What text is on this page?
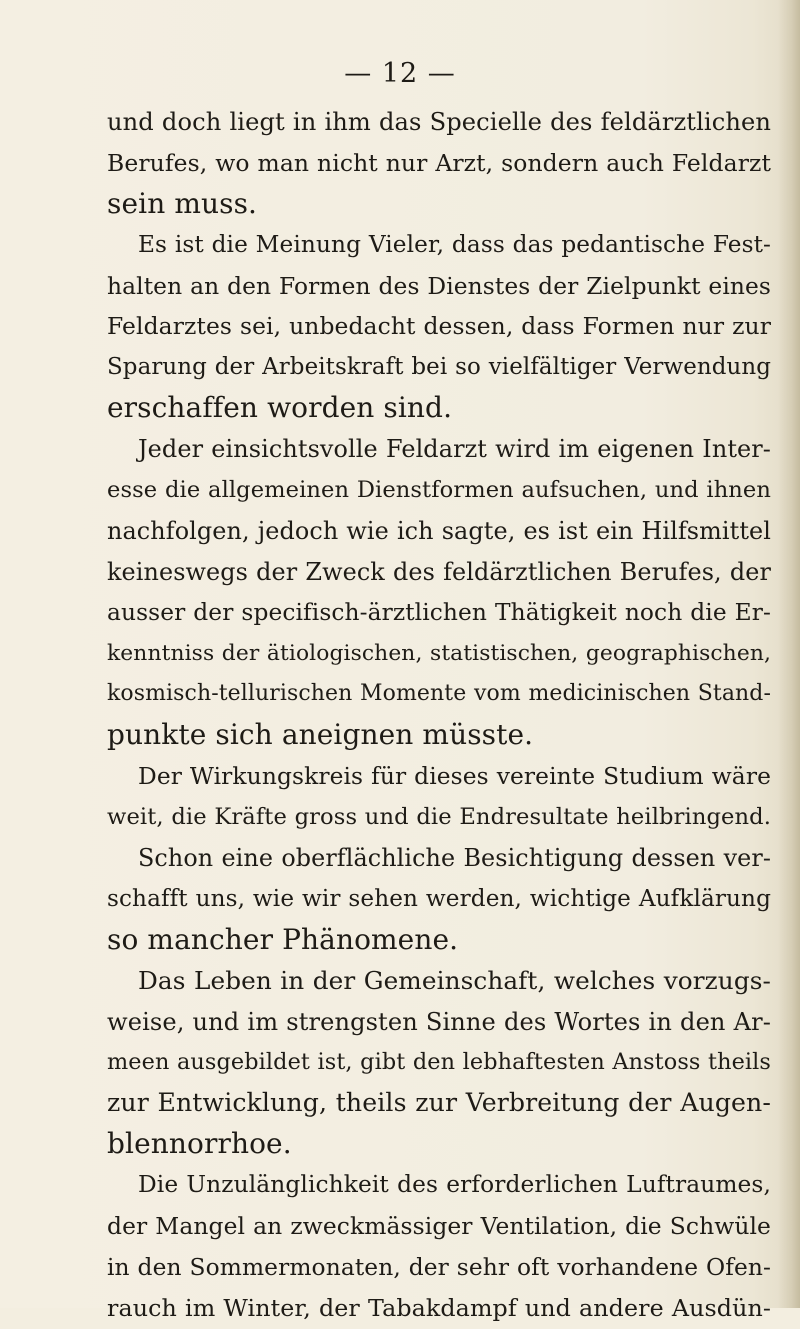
— 12 —
und doch liegt in ihm das Specielle des feldärztlichen
Berufes, wo man nicht nur Arzt, sondern auch Feldarzt
sein muss.
Es ist die Meinung Vieler, dass das pedantische Fest-
halten an den Formen des Dienstes der Zielpunkt eines
Feldarztes sei, unbedacht dessen, dass Formen nur zur
Sparung der Arbeitskraft bei so vielfältiger Verwendung
erschaffen worden sind.
Jeder einsichtsvolle Feldarzt wird im eigenen Inter-
esse die allgemeinen Dienstformen aufsuchen, und ihnen
nachfolgen, jedoch wie ich sagte, es ist ein Hilfsmittel
keineswegs der Zweck des feldärztlichen Berufes, der
ausser der specifisch-ärztlichen Thätigkeit noch die Er-
kenntniss der ätiologischen, statistischen, geographischen,
kosmisch-tellurischen Momente vom medicinischen Stand-
punkte sich aneignen müsste.
Der Wirkungskreis für dieses vereinte Studium wäre
weit, die Kräfte gross und die Endresultate heilbringend.
Schon eine oberflächliche Besichtigung dessen ver-
schafft uns, wie wir sehen werden, wichtige Aufklärung
so mancher Phänomene.
Das Leben in der Gemeinschaft, welches vorzugs-
weise, und im strengsten Sinne des Wortes in den Ar-
meen ausgebildet ist, gibt den lebhaftesten Anstoss theils
zur Entwicklung, theils zur Verbreitung der Augen-
blennorrhoe.
Die Unzulänglichkeit des erforderlichen Luftraumes,
der Mangel an zweckmässiger Ventilation, die Schwüle
in den Sommermonaten, der sehr oft vorhandene Ofen-
rauch im Winter, der Tabakdampf und andere Ausdün-
